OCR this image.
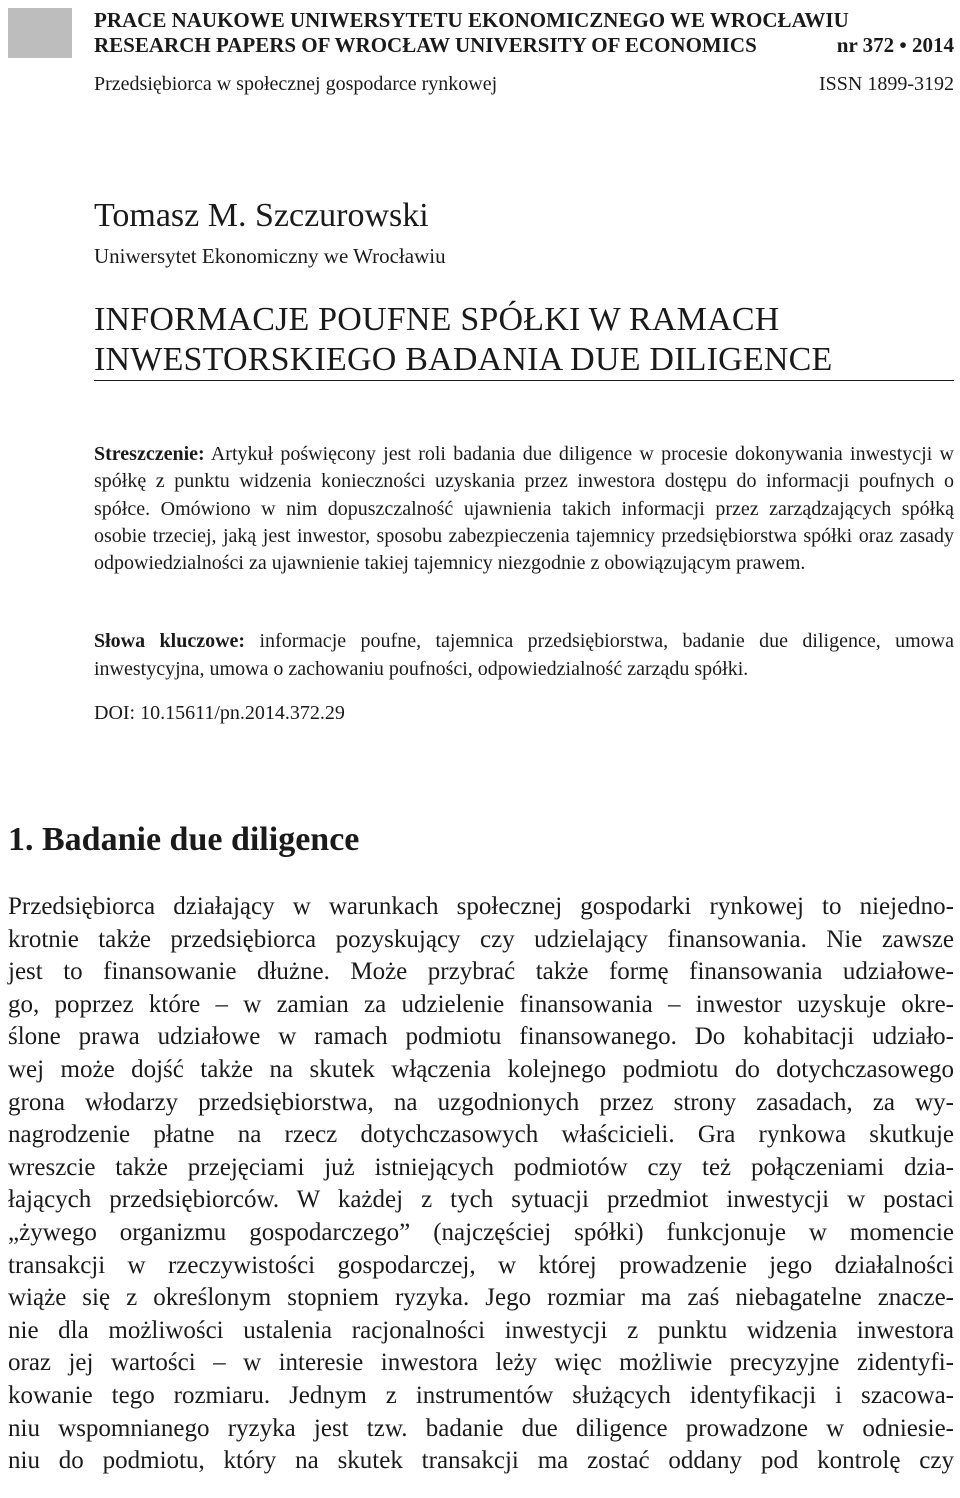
PRACE NAUKOWE UNIWERSYTETU EKONOMICZNEGO WE WROCŁAWIU
RESEARCH PAPERS OF WROCŁAW UNIVERSITY OF ECONOMICS	nr 372 • 2014
Przedsiębiorca w społecznej gospodarce rynkowej	ISSN 1899-3192
Tomasz M. Szczurowski
Uniwersytet Ekonomiczny we Wrocławiu
INFORMACJE POUFNE SPÓŁKI W RAMACH
INWESTORSKIEGO BADANIA DUE DILIGENCE
Streszczenie: Artykuł poświęcony jest roli badania due diligence w procesie dokonywania inwestycji w spółkę z punktu widzenia konieczności uzyskania przez inwestora dostępu do informacji poufnych o spółce. Omówiono w nim dopuszczalność ujawnienia takich informacji przez zarządzających spółką osobie trzeciej, jaką jest inwestor, sposobu zabezpieczenia tajemnicy przedsiębiorstwa spółki oraz zasady odpowiedzialności za ujawnienie takiej tajemnicy niezgodnie z obowiązującym prawem.
Słowa kluczowe: informacje poufne, tajemnica przedsiębiorstwa, badanie due diligence, umowa inwestycyjna, umowa o zachowaniu poufności, odpowiedzialność zarządu spółki.
DOI: 10.15611/pn.2014.372.29
1. Badanie due diligence
Przedsiębiorca działający w warunkach społecznej gospodarki rynkowej to niejedno-
krotnie także przedsiębiorca pozyskujący czy udzielający finansowania. Nie zawsze
jest to finansowanie dłużne. Może przybrać także formę finansowania udziałowe-
go, poprzez które – w zamian za udzielenie finansowania – inwestor uzyskuje okre-
ślone prawa udziałowe w ramach podmiotu finansowanego. Do kohabitacji udziało-
wej może dojść także na skutek włączenia kolejnego podmiotu do dotychczasowego
grona włodarzy przedsiębiorstwa, na uzgodnionych przez strony zasadach, za wy-
nagrodzenie płatne na rzecz dotychczasowych właścicieli. Gra rynkowa skutkuje
wreszcie także przejęciami już istniejących podmiotów czy też połączeniami dzia-
łających przedsiębiorców. W każdej z tych sytuacji przedmiot inwestycji w postaci
„żywego organizmu gospodarczego” (najczęściej spółki) funkcjonuje w momencie
transakcji w rzeczywistości gospodarczej, w której prowadzenie jego działalności
wiąże się z określonym stopniem ryzyka. Jego rozmiar ma zaś niebagatelne znacze-
nie dla możliwości ustalenia racjonalności inwestycji z punktu widzenia inwestora
oraz jej wartości – w interesie inwestora leży więc możliwie precyzyjne zidentyfi-
kowanie tego rozmiaru. Jednym z instrumentów służących identyfikacji i szacowa-
niu wspomnianego ryzyka jest tzw. badanie due diligence prowadzone w odniesie-
niu do podmiotu, który na skutek transakcji ma zostać oddany pod kontrolę czy
